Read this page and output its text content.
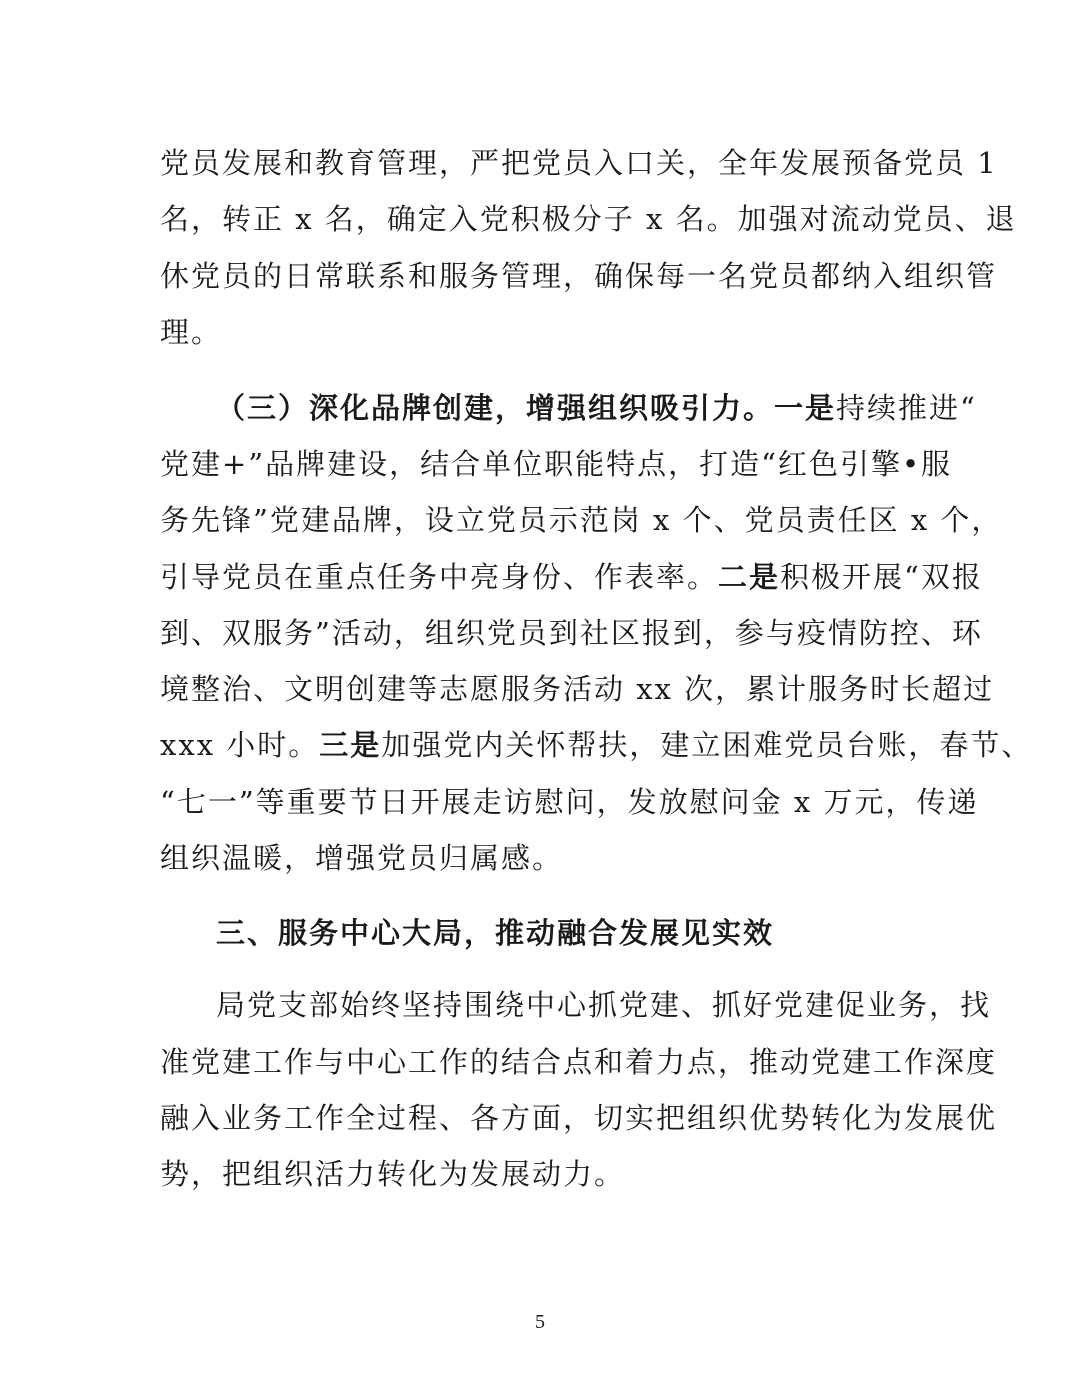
党员发展和教育管理，严把党员入口关，全年发展预备党员 1
名，转正 x 名，确定入党积极分子 x 名。加强对流动党员、退
休党员的日常联系和服务管理，确保每一名党员都纳入组织管
理。
（三）深化品牌创建，增强组织吸引力。一是持续推进“
党建+”品牌建设，结合单位职能特点，打造“红色引擎•服
务先锋”党建品牌，设立党员示范岗 x 个、党员责任区 x 个，
引导党员在重点任务中亮身份、作表率。二是积极开展“双报
到、双服务”活动，组织党员到社区报到，参与疫情防控、环
境整治、文明创建等志愿服务活动 xx 次，累计服务时长超过
xxx 小时。三是加强党内关怀帮扶，建立困难党员台账，春节、
“七一”等重要节日开展走访慰问，发放慰问金 x 万元，传递
组织温暖，增强党员归属感。
三、服务中心大局，推动融合发展见实效
局党支部始终坚持围绕中心抓党建、抓好党建促业务，找
准党建工作与中心工作的结合点和着力点，推动党建工作深度
融入业务工作全过程、各方面，切实把组织优势转化为发展优
势，把组织活力转化为发展动力。
5
